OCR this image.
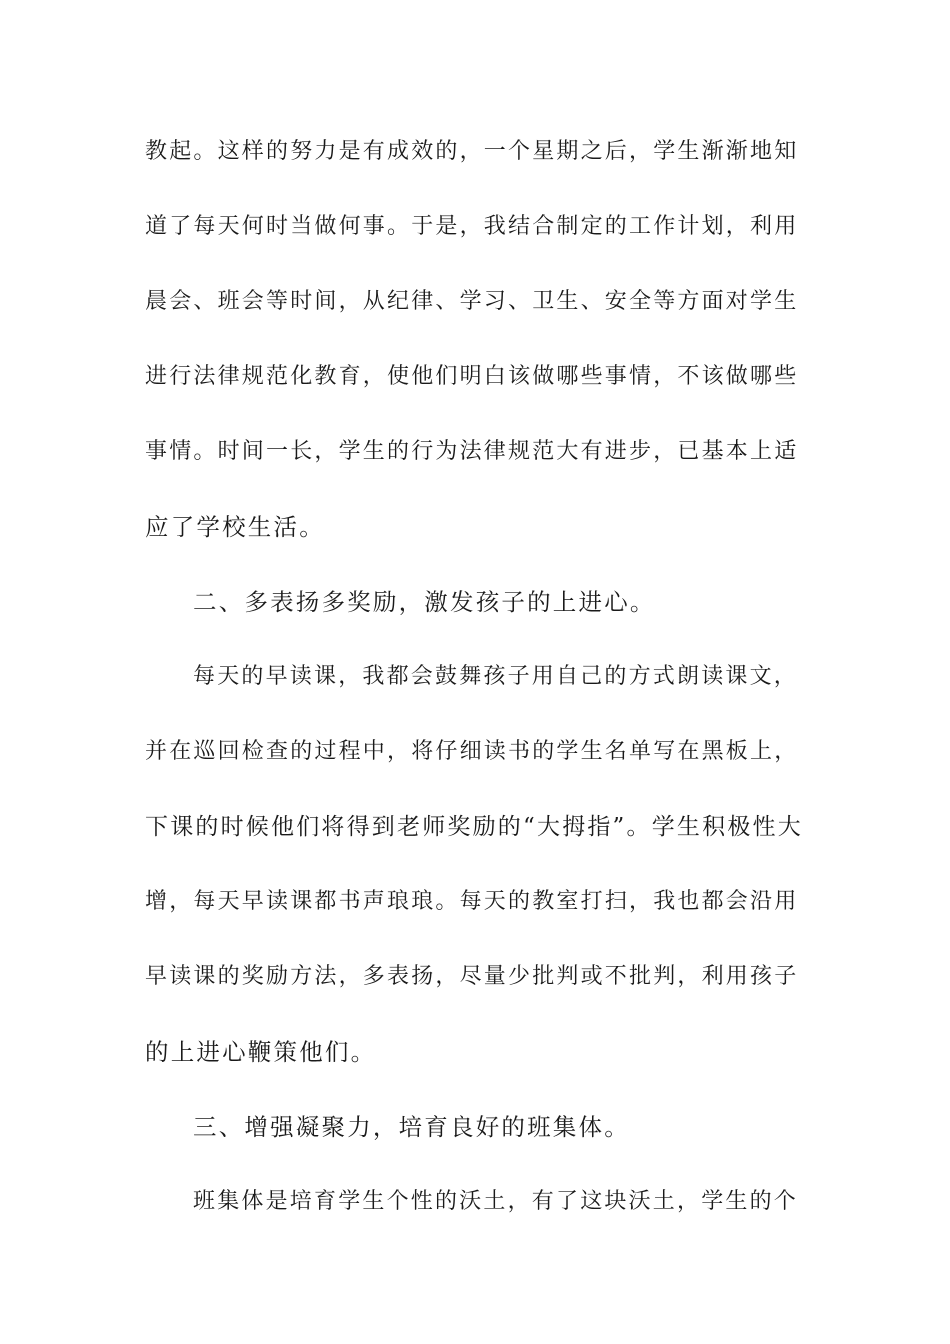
教起。这样的努力是有成效的，一个星期之后，学生渐渐地知
道了每天何时当做何事。于是，我结合制定的工作计划，利用
晨会、班会等时间，从纪律、学习、卫生、安全等方面对学生
进行法律规范化教育，使他们明白该做哪些事情，不该做哪些
事情。时间一长，学生的行为法律规范大有进步，已基本上适
应了学校生活。
二、多表扬多奖励，激发孩子的上进心。
每天的早读课，我都会鼓舞孩子用自己的方式朗读课文，
并在巡回检查的过程中，将仔细读书的学生名单写在黑板上，
下课的时候他们将得到老师奖励的“大拇指”。学生积极性大
增，每天早读课都书声琅琅。每天的教室打扫，我也都会沿用
早读课的奖励方法，多表扬，尽量少批判或不批判，利用孩子
的上进心鞭策他们。
三、增强凝聚力，培育良好的班集体。
班集体是培育学生个性的沃土，有了这块沃土，学生的个
